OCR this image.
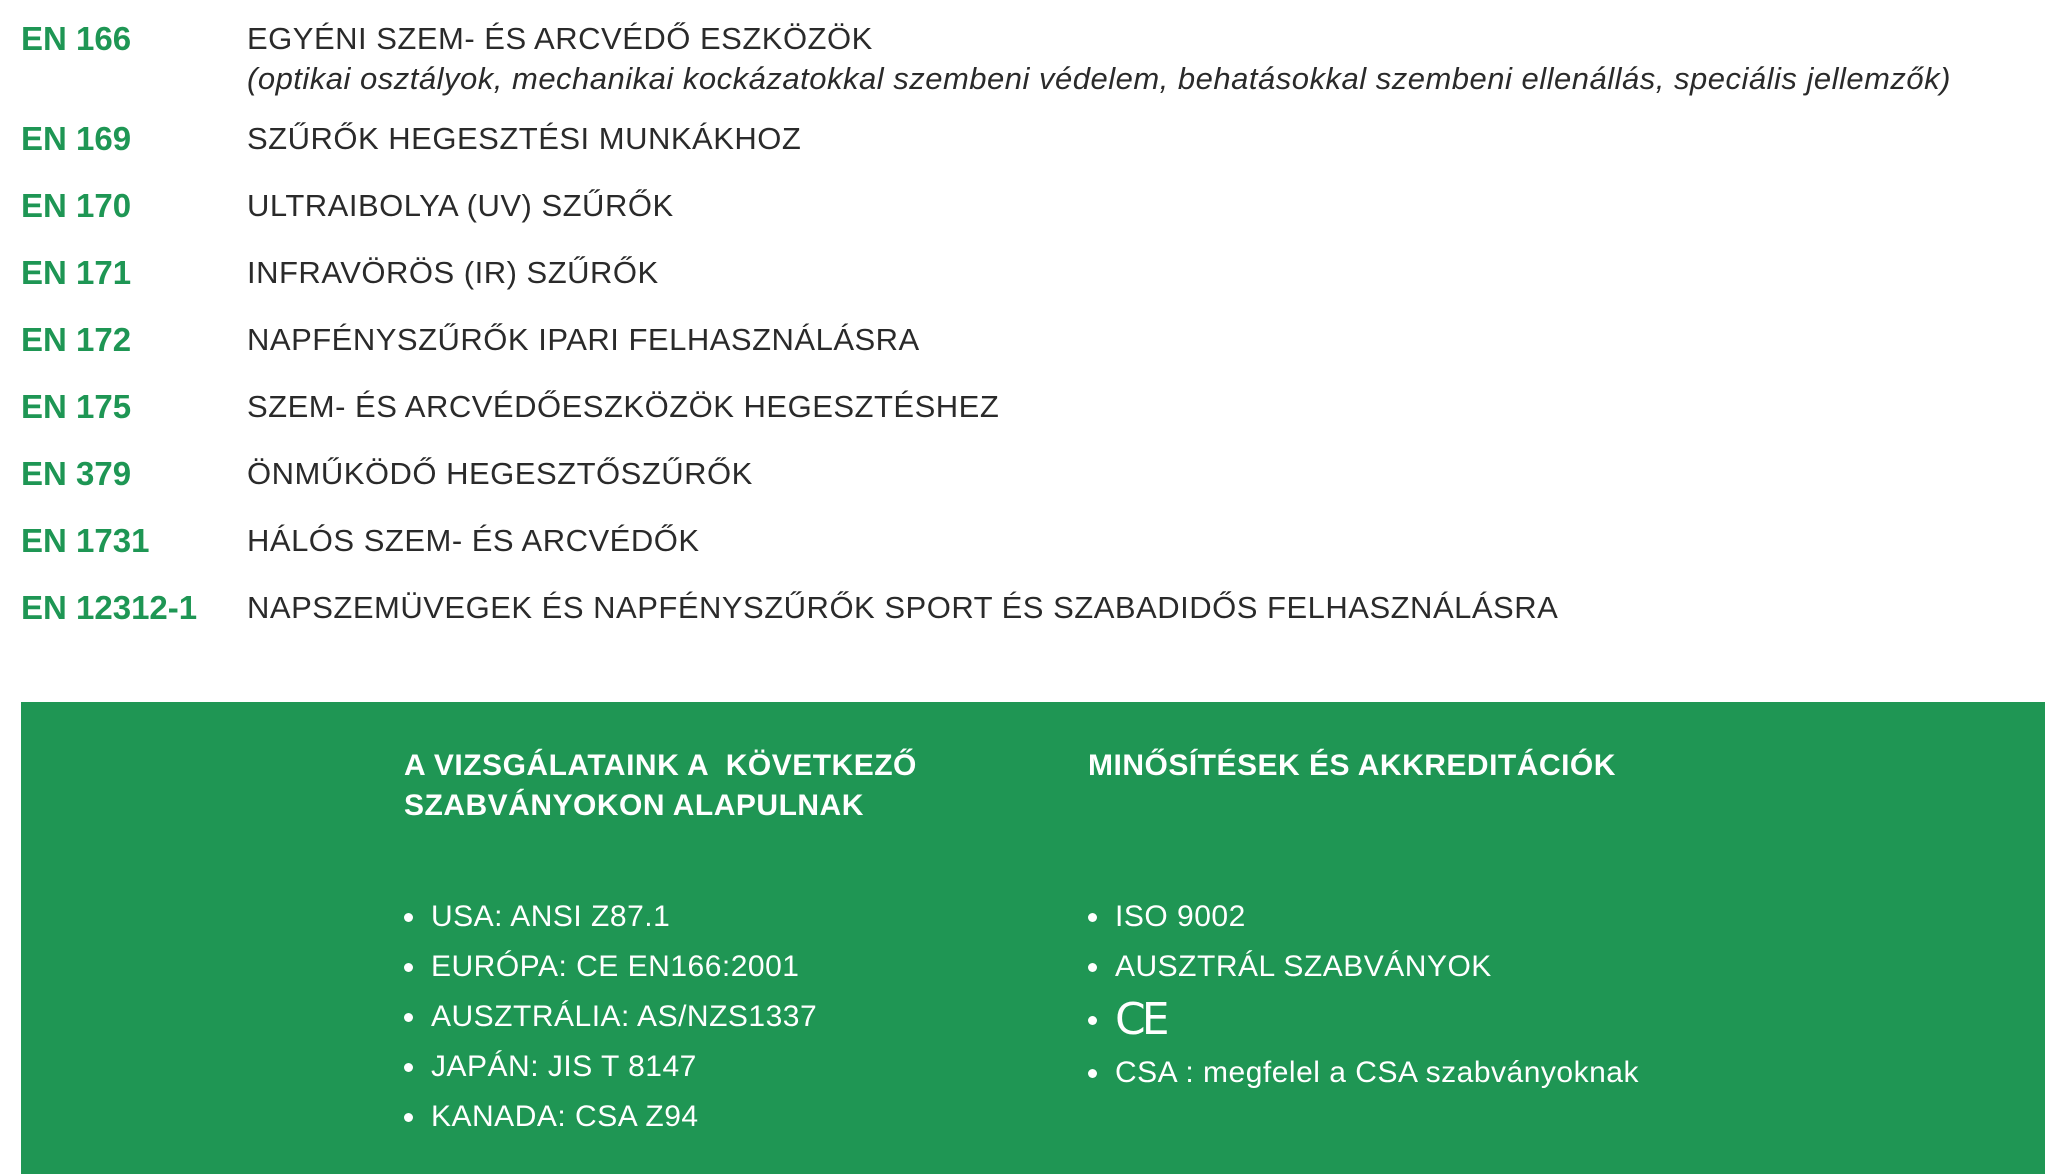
EN 166	EGYÉNI SZEM- ÉS ARCVÉDŐ ESZKÖZÖK
(optikai osztályok, mechanikai kockázatokkal szembeni védelem, behatásokkal szembeni ellenállás, speciális jellemzők)
EN 169	SZŰRŐK HEGESZTÉSI MUNKÁKHOZ
EN 170	ULTRAIBOLYA (UV) SZŰRŐK
EN 171	INFRAVÖRÖS (IR) SZŰRŐK
EN 172	NAPFÉNYSZŰRŐK IPARI FELHASZNÁLÁSRA
EN 175	SZEM- ÉS ARCVÉDŐESZKÖZÖK HEGESZTÉSHEZ
EN 379	ÖNMŰKÖDŐ HEGESZTŐSZŰRŐK
EN 1731	HÁLÓS SZEM- ÉS ARCVÉDŐK
EN 12312-1	NAPSZEMÜVEGEK ÉS NAPFÉNYSZŰRŐK SPORT ÉS SZABADIDŐS FELHASZNÁLÁSRA
A VIZSGÁLATAINK A  KÖVETKEZŐ
SZABVÁNYOKON ALAPULNAK
USA: ANSI Z87.1
EURÓPA: CE EN166:2001
AUSZTRÁLIA: AS/NZS1337
JAPÁN: JIS T 8147
KANADA: CSA Z94
MINŐSÍTÉSEK ÉS AKKREDITÁCIÓK
ISO 9002
AUSZTRÁL SZABVÁNYOK
CE
CSA : megfelel a CSA szabványoknak
